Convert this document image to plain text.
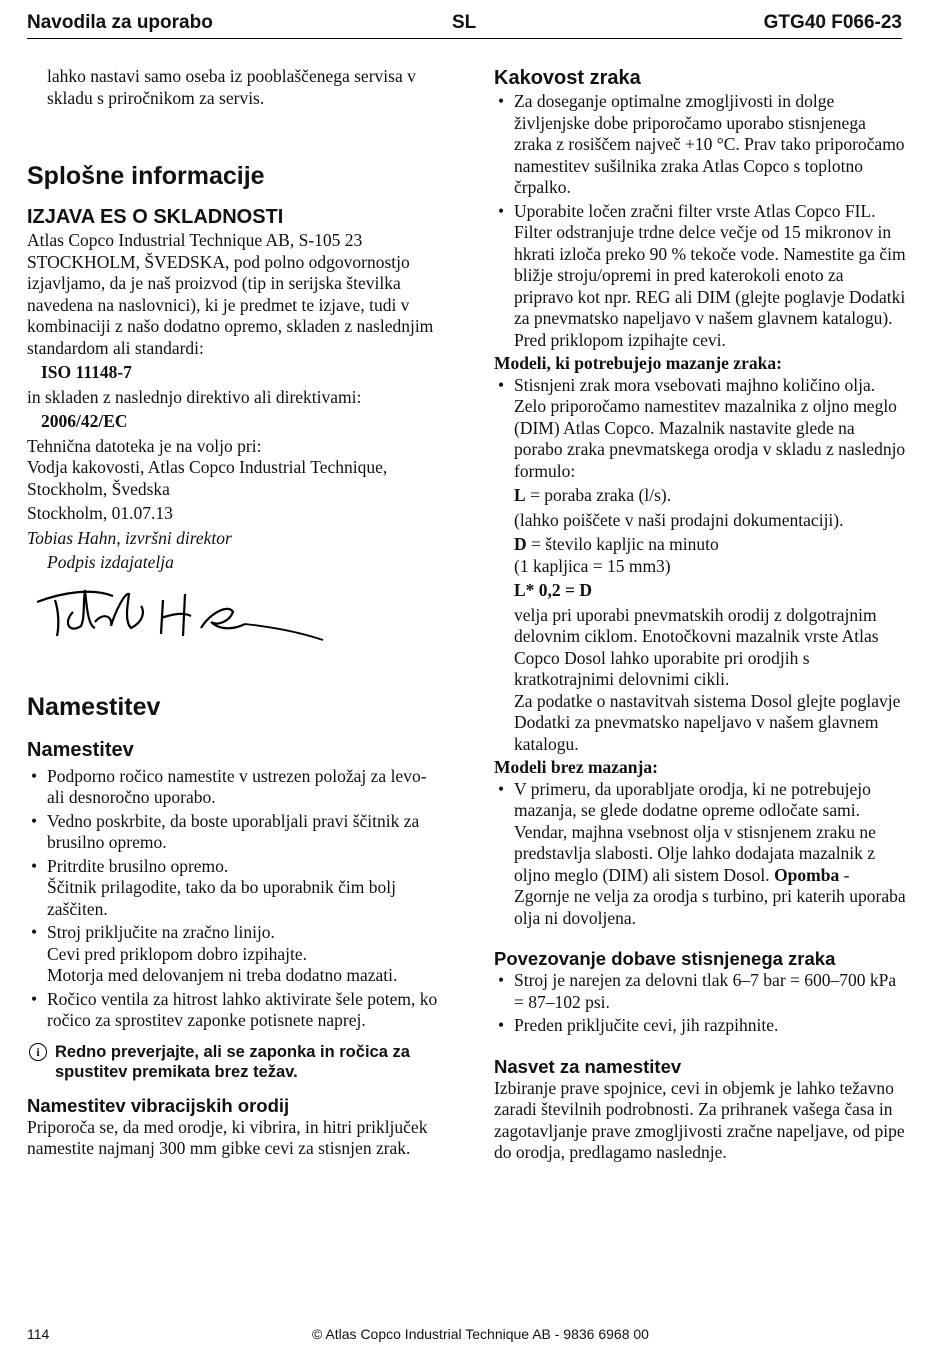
Navodila za uporabo	SL	GTG40 F066-23

lahko nastavi samo oseba iz pooblaščenega servisa v skladu s priročnikom za servis.

Splošne informacije
IZJAVA ES O SKLADNOSTI

Atlas Copco Industrial Technique AB, S-105 23 STOCKHOLM, ŠVEDSKA, pod polno odgovornostjo izjavljamo, da je naš proizvod (tip in serijska številka navedena na naslovnici), ki je predmet te izjave, tudi v kombinaciji z našo dodatno opremo, skladen z naslednjim standardom ali standardi:

ISO 11148-7

in skladen z naslednjo direktivo ali direktivami:

2006/42/EC

Tehnična datoteka je na voljo pri:

Vodja kakovosti, Atlas Copco Industrial Technique, Stockholm, Švedska

Stockholm, 01.07.13

Tobias Hahn, izvršni direktor

Podpis izdajatelja

Namestitev
Namestitev
• Podporno ročico namestite v ustrezen položaj za levo- ali desnoročno uporabo.
• Vedno poskrbite, da boste uporabljali pravi ščitnik za brusilno opremo.
• Pritrdite brusilno opremo.
Ščitnik prilagodite, tako da bo uporabnik čim bolj zaščiten.
• Stroj priključite na zračno linijo.
Cevi pred priklopom dobro izpihajte.
Motorja med delovanjem ni treba dodatno mazati.
• Ročico ventila za hitrost lahko aktivirate šele potem, ko ročico za sprostitev zaponke potisnete naprej.
i Redno preverjajte, ali se zaponka in ročica za spustitev premikata brez težav.
Namestitev vibracijskih orodij

Priporoča se, da med orodje, ki vibrira, in hitri priključek namestite najmanj 300 mm gibke cevi za stisnjen zrak.

Kakovost zraka
• Za doseganje optimalne zmogljivosti in dolge življenjske dobe priporočamo uporabo stisnjenega zraka z rosiščem največ +10 °C. Prav tako priporočamo namestitev sušilnika zraka Atlas Copco s toplotno črpalko.
• Uporabite ločen zračni filter vrste Atlas Copco FIL. Filter odstranjuje trdne delce večje od 15 mikronov in hkrati izloča preko 90 % tekoče vode. Namestite ga čim bližje stroju/opremi in pred katerokoli enoto za pripravo kot npr. REG ali DIM (glejte poglavje Dodatki za pnevmatsko napeljavo v našem glavnem katalogu). Pred priklopom izpihajte cevi.

Modeli, ki potrebujejo mazanje zraka:

• Stisnjeni zrak mora vsebovati majhno količino olja.

Zelo priporočamo namestitev mazalnika z oljno meglo (DIM) Atlas Copco. Mazalnik nastavite glede na porabo zraka pnevmatskega orodja v skladu z naslednjo formulo:

L = poraba zraka (l/s).

(lahko poiščete v naši prodajni dokumentaciji).

D = število kapljic na minuto

(1 kapljica = 15 mm3)

L* 0,2 = D

velja pri uporabi pnevmatskih orodij z dolgotrajnim delovnim ciklom. Enotočkovni mazalnik vrste Atlas Copco Dosol lahko uporabite pri orodjih s kratkotrajnimi delovnimi cikli.

Za podatke o nastavitvah sistema Dosol glejte poglavje Dodatki za pnevmatsko napeljavo v našem glavnem katalogu.

Modeli brez mazanja:

• V primeru, da uporabljate orodja, ki ne potrebujejo mazanja, se glede dodatne opreme odločate sami. Vendar, majhna vsebnost olja v stisnjenem zraku ne predstavlja slabosti. Olje lahko dodajata mazalnik z oljno meglo (DIM) ali sistem Dosol. Opomba - Zgornje ne velja za orodja s turbino, pri katerih uporaba olja ni dovoljena.
Povezovanje dobave stisnjenega zraka
• Stroj je narejen za delovni tlak 6–7 bar = 600–700 kPa = 87–102 psi.
• Preden priključite cevi, jih razpihnite.
Nasvet za namestitev

Izbiranje prave spojnice, cevi in objemk je lahko težavno zaradi številnih podrobnosti. Za prihranek vašega časa in zagotavljanje prave zmogljivosti zračne napeljave, od pipe do orodja, predlagamo naslednje.

114	© Atlas Copco Industrial Technique AB - 9836 6968 00
